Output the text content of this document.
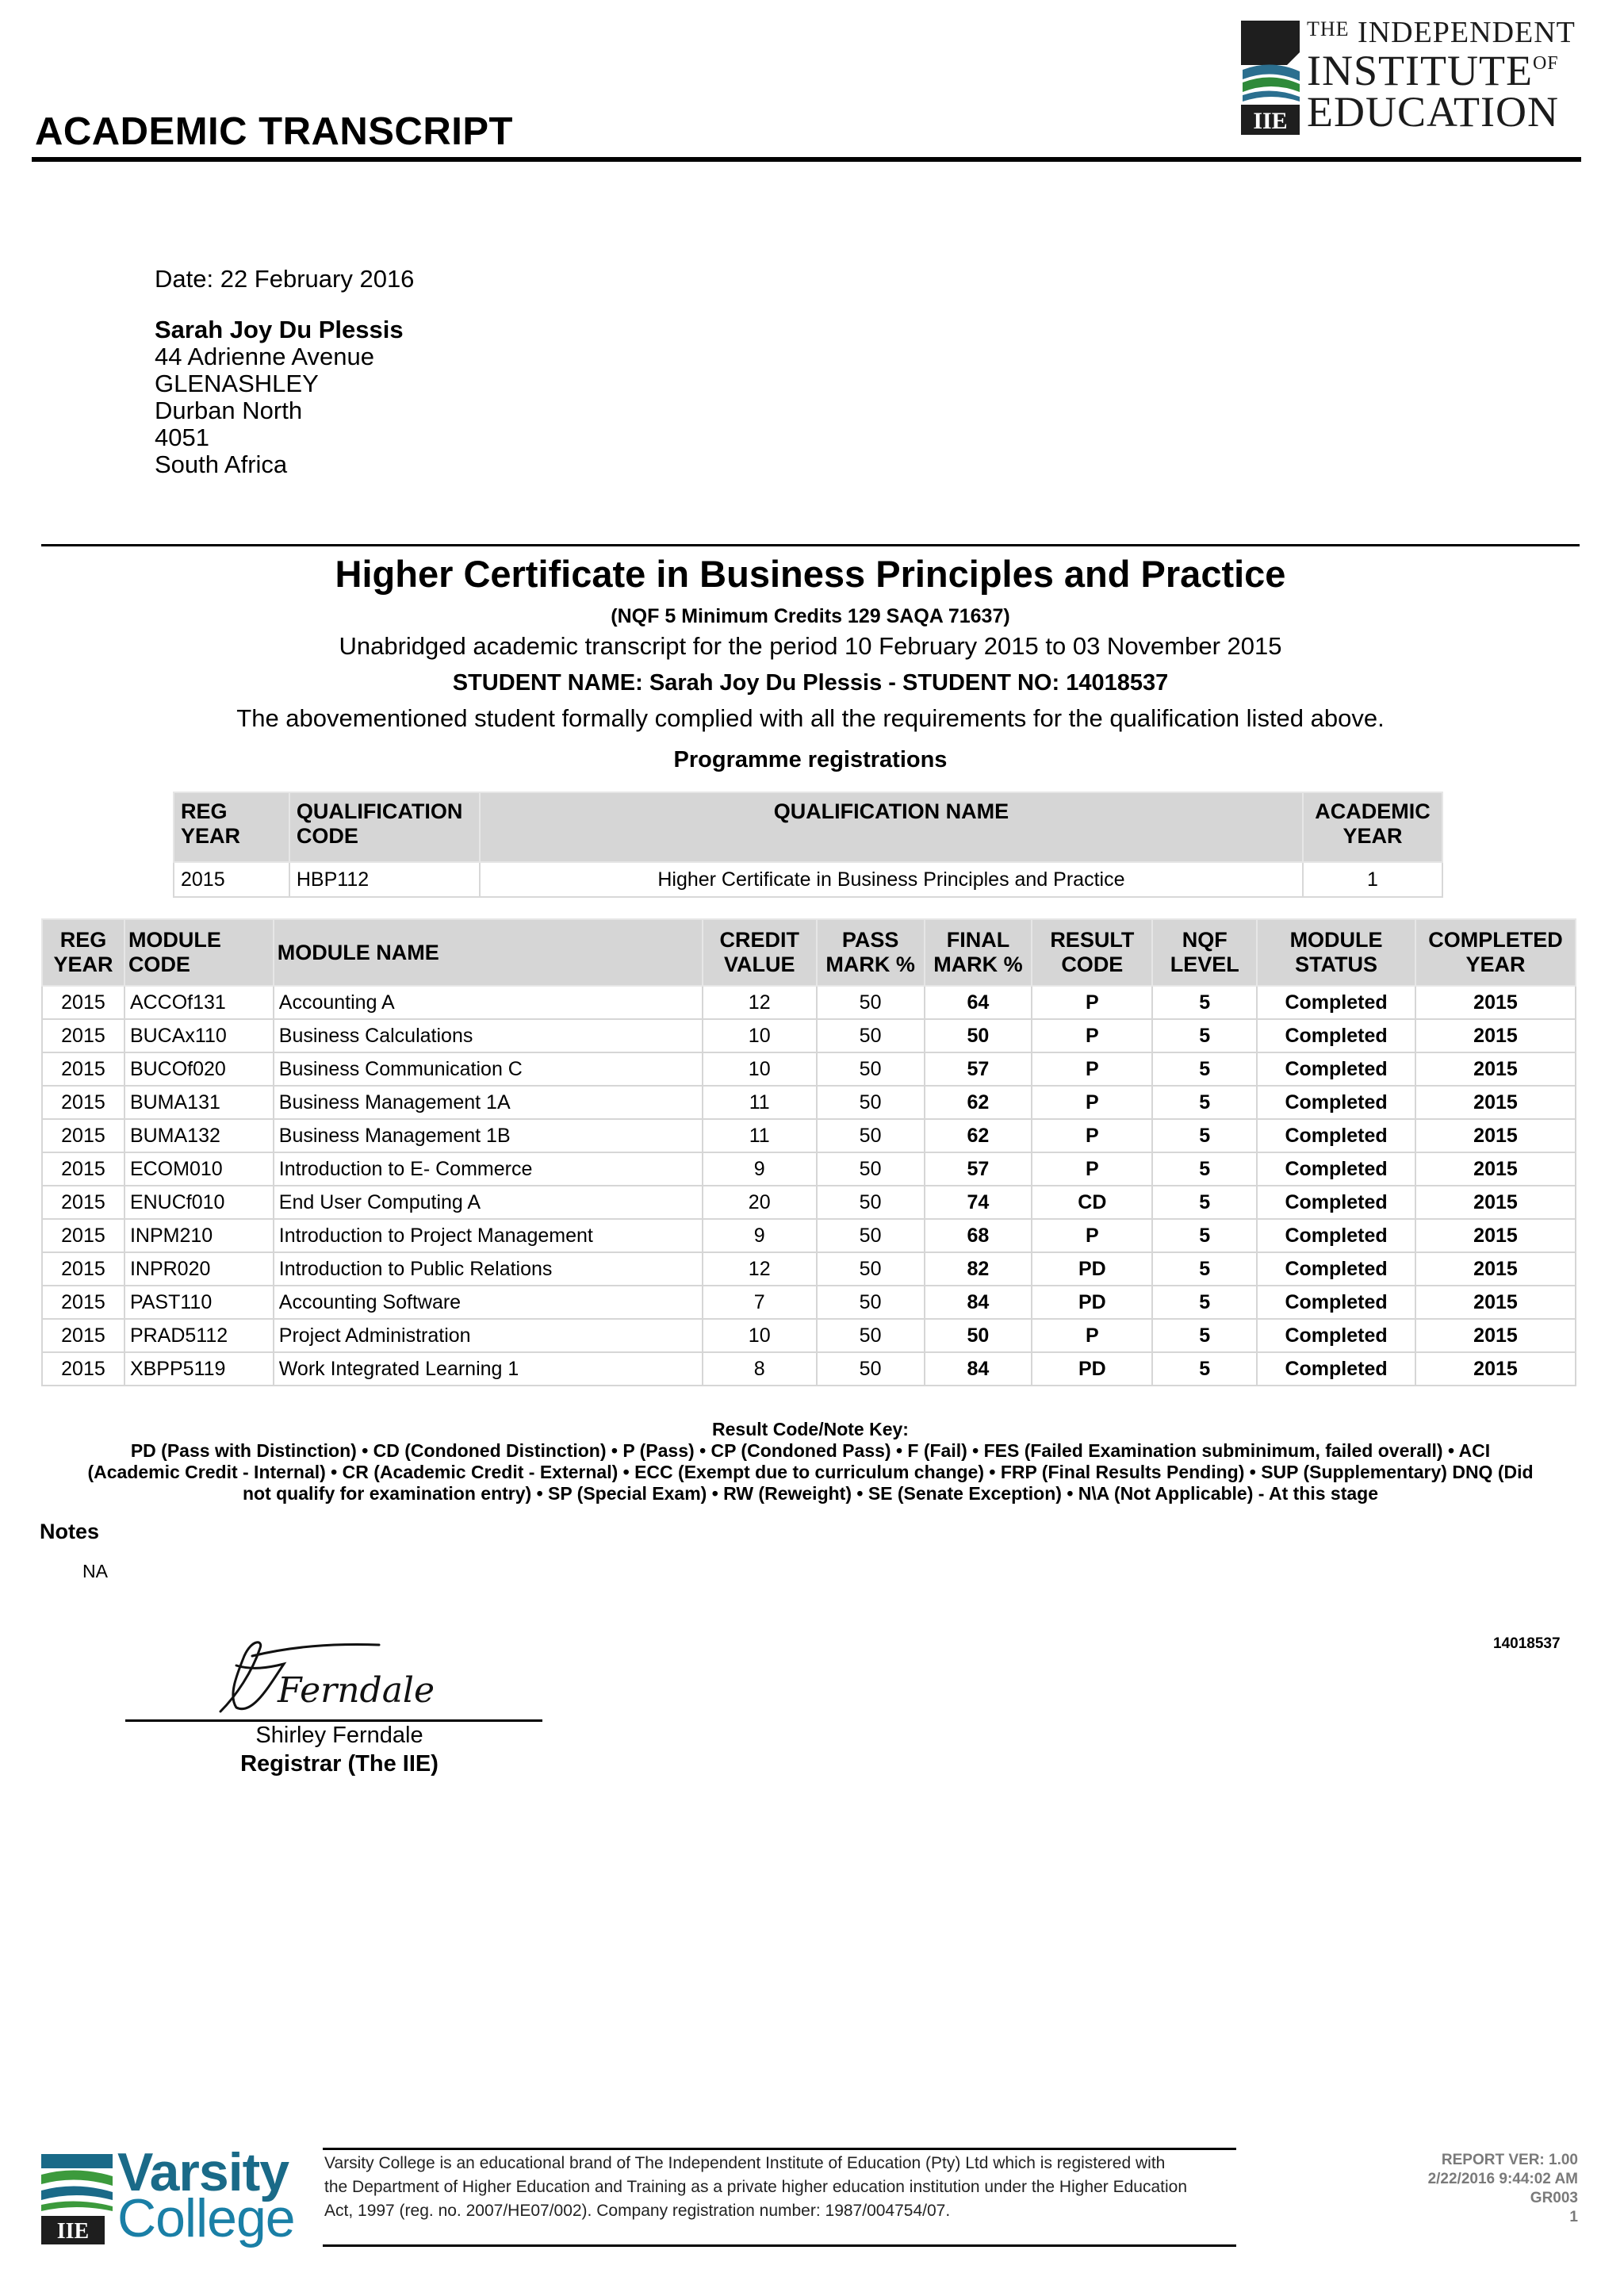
ACADEMIC TRANSCRIPT	IIE
$^{THE}$ INDEPENDENT
$INSTITUTE^{OF}$
EDUCATION
Date: 22 February 2016
Sarah Joy Du Plessis
44 Adrienne Avenue
GLENASHLEY
Durban North
4051
South Africa
Higher Certificate in Business Principles and Practice
(NQF 5 Minimum Credits 129 SAQA 71637)
Unabridged academic transcript for the period 10 February 2015 to 03 November 2015
STUDENT NAME: Sarah Joy Du Plessis - STUDENT NO: 14018537
The abovementioned student formally complied with all the requirements for the qualification listed above.
Programme registrations
REG YEAR	QUALIFICATION CODE	QUALIFICATION NAME	ACADEMIC YEAR
2015	HBP112	Higher Certificate in Business Principles and Practice	1
REG YEAR	MODULE CODE	MODULE NAME	CREDIT VALUE	PASS MARK %	FINAL MARK %	RESULT CODE	NQF LEVEL	MODULE STATUS	COMPLETED YEAR
2015	ACCOf131	Accounting A	12	50	64	P	5	Completed	2015
2015	BUCAx110	Business Calculations	10	50	50	P	5	Completed	2015
2015	BUCOf020	Business Communication C	10	50	57	P	5	Completed	2015
2015	BUMA131	Business Management 1A	11	50	62	P	5	Completed	2015
2015	BUMA132	Business Management 1B	11	50	62	P	5	Completed	2015
2015	ECOM010	Introduction to E- Commerce	9	50	57	P	5	Completed	2015
2015	ENUCf010	End User Computing A	20	50	74	CD	5	Completed	2015
2015	INPM210	Introduction to Project Management	9	50	68	P	5	Completed	2015
2015	INPR020	Introduction to Public Relations	12	50	82	PD	5	Completed	2015
2015	PAST110	Accounting Software	7	50	84	PD	5	Completed	2015
2015	PRAD5112	Project Administration	10	50	50	P	5	Completed	2015
2015	XBPP5119	Work Integrated Learning 1	8	50	84	PD	5	Completed	2015
Result Code/Note Key:
PD (Pass with Distinction) • CD (Condoned Distinction) • P (Pass) • CP (Condoned Pass) • F (Fail) • FES (Failed Examination subminimum, failed overall) • ACI
(Academic Credit - Internal) • CR (Academic Credit - External) • ECC (Exempt due to curriculum change) • FRP (Final Results Pending) • SUP (Supplementary) DNQ (Did
not qualify for examination entry) • SP (Special Exam) • RW (Reweight) • SE (Senate Exception) • N\A (Not Applicable) - At this stage
Notes
NA
14018537
Ferndale
Shirley Ferndale
Registrar (The IIE)
IIE
Varsity
College
Varsity College is an educational brand of The Independent Institute of Education (Pty) Ltd which is registered with
the Department of Higher Education and Training as a private higher education institution under the Higher Education
Act, 1997 (reg. no. 2007/HE07/002). Company registration number: 1987/004754/07.
REPORT VER: 1.00
2/22/2016 9:44:02 AM
GR003
1
